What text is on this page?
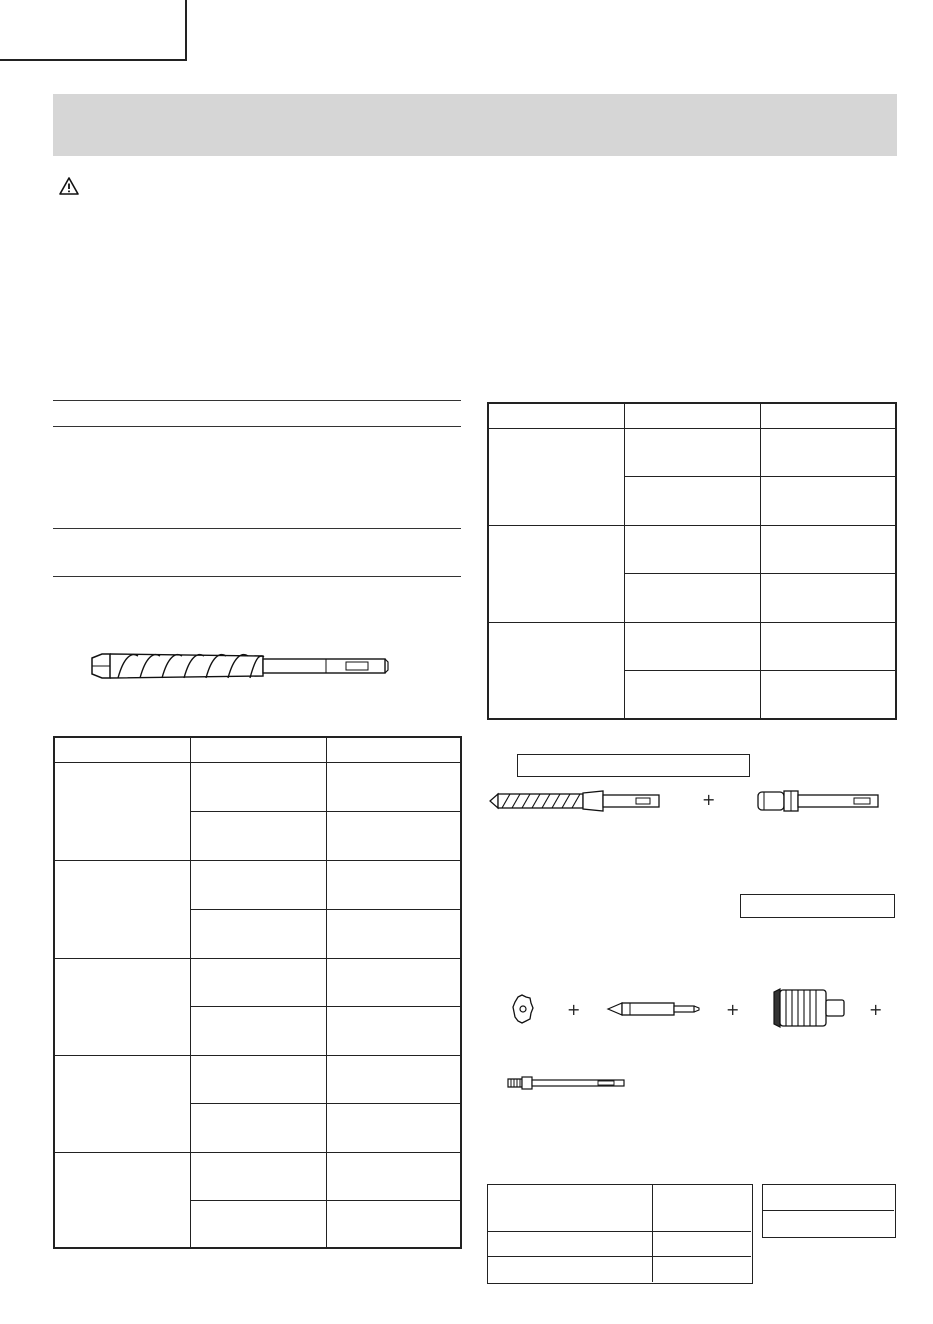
+
+	+	+
